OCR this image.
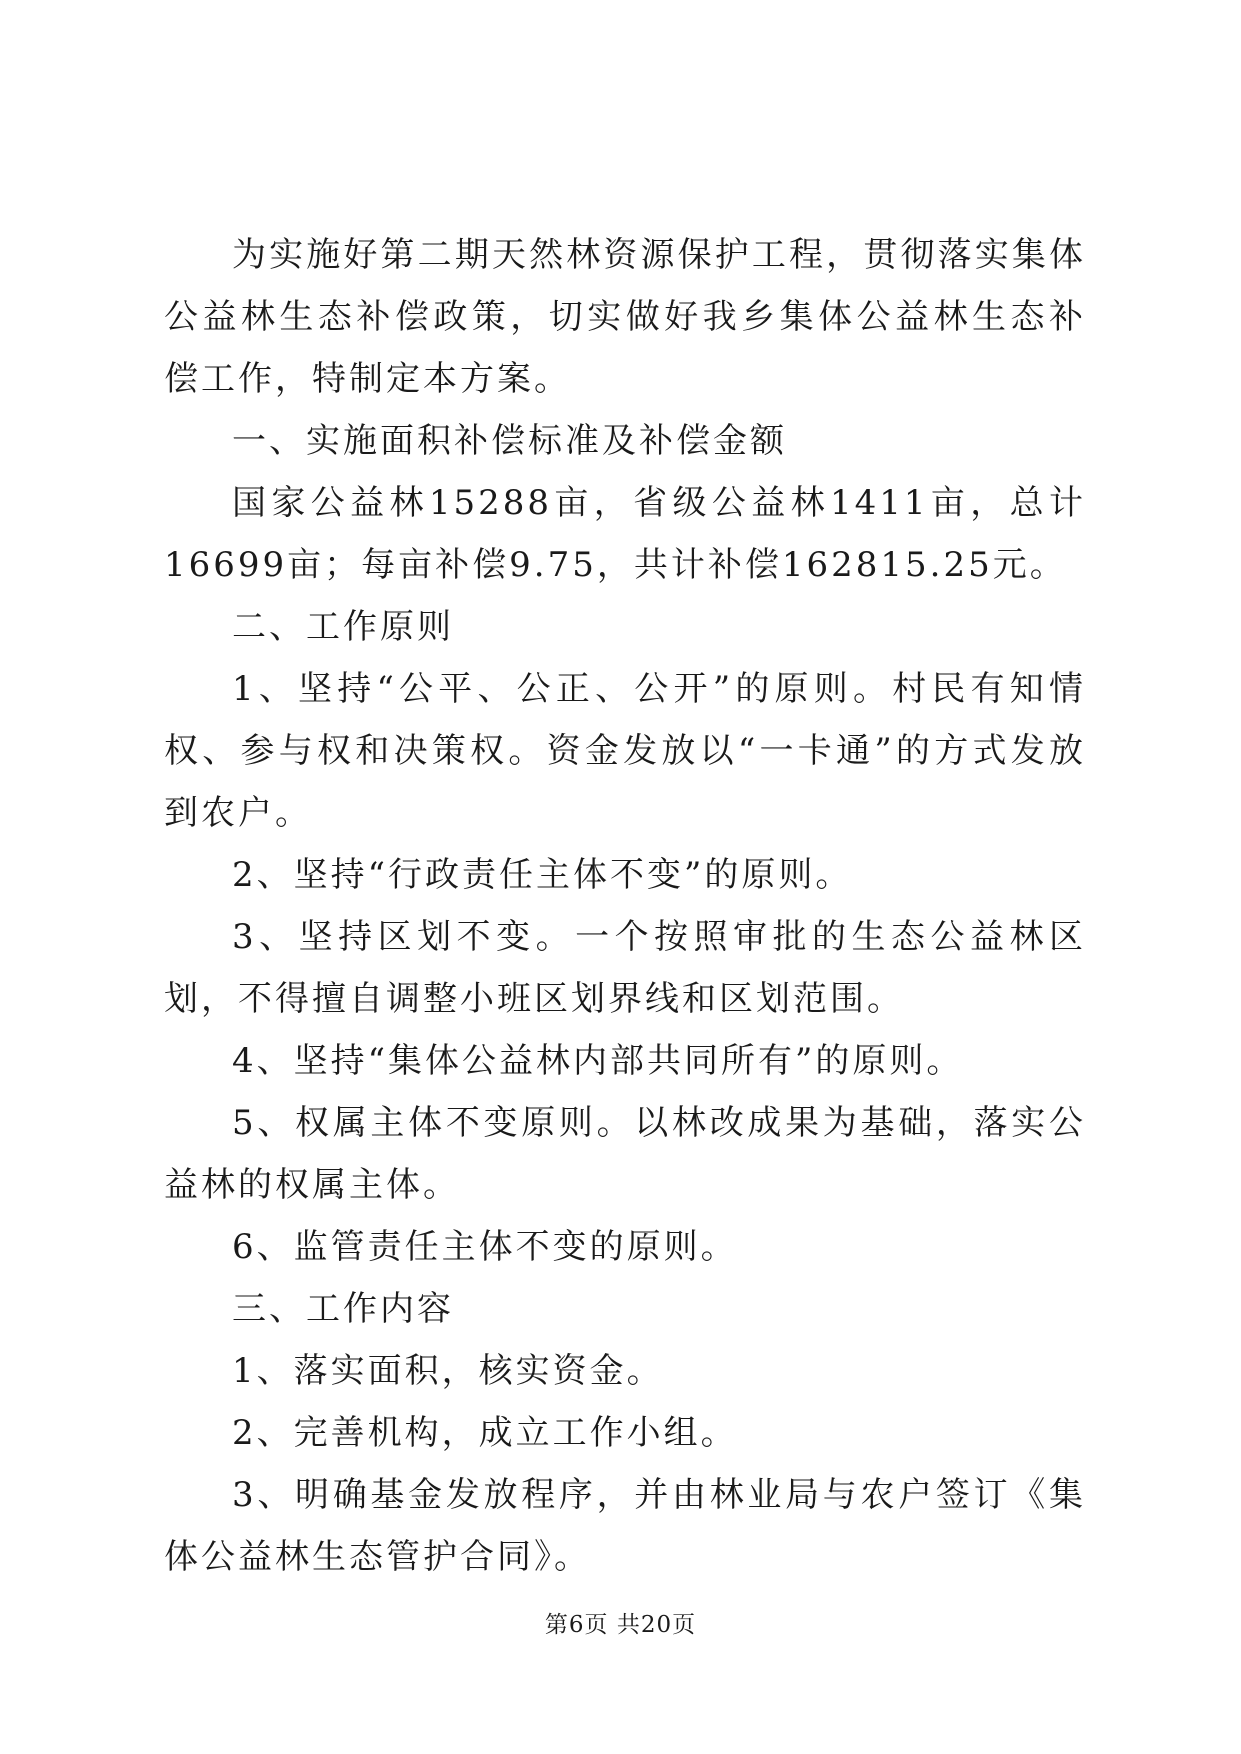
为实施好第二期天然林资源保护工程，贯彻落实集体公益林生态补偿政策，切实做好我乡集体公益林生态补偿工作，特制定本方案。

一、实施面积补偿标准及补偿金额

国家公益林15288亩，省级公益林1411亩，总计16699亩；每亩补偿9.75，共计补偿162815.25元。

二、工作原则

1、坚持“公平、公正、公开”的原则。村民有知情权、参与权和决策权。资金发放以“一卡通”的方式发放到农户。

2、坚持“行政责任主体不变”的原则。

3、坚持区划不变。一个按照审批的生态公益林区划，不得擅自调整小班区划界线和区划范围。

4、坚持“集体公益林内部共同所有”的原则。

5、权属主体不变原则。以林改成果为基础，落实公益林的权属主体。

6、监管责任主体不变的原则。

三、工作内容

1、落实面积，核实资金。

2、完善机构，成立工作小组。

3、明确基金发放程序，并由林业局与农户签订《集体公益林生态管护合同》。

第6页 共20页
